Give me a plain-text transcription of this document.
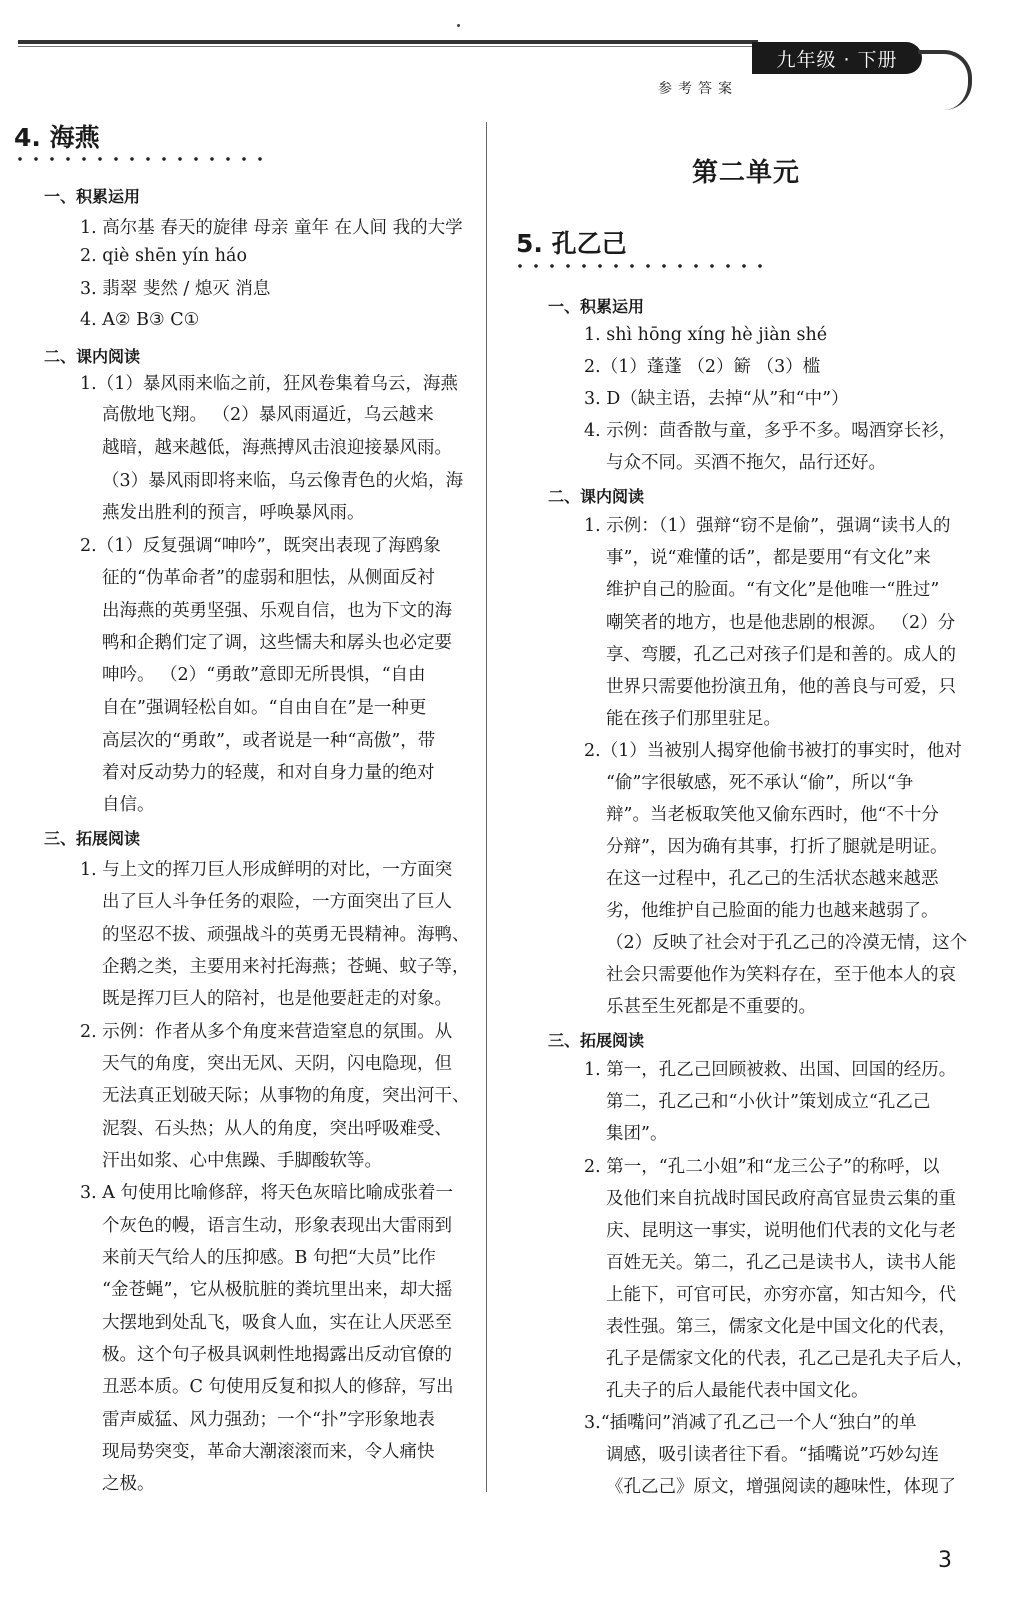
九年级 · 下册
参考答案
4. 海燕
一、积累运用
1. 高尔基 春天的旋律 母亲 童年 在人间 我的大学
2. qiè shēn yín háo
3. 翡翠 斐然 / 熄灭 消息
4. A② B③ C①
二、课内阅读
1.（1）暴风雨来临之前，狂风卷集着乌云，海燕
高傲地飞翔。 （2）暴风雨逼近，乌云越来
越暗，越来越低，海燕搏风击浪迎接暴风雨。
（3）暴风雨即将来临，乌云像青色的火焰，海
燕发出胜利的预言，呼唤暴风雨。
2.（1）反复强调“呻吟”，既突出表现了海鸥象
征的“伪革命者”的虚弱和胆怯，从侧面反衬
出海燕的英勇坚强、乐观自信，也为下文的海
鸭和企鹅们定了调，这些懦夫和孱头也必定要
呻吟。 （2）“勇敢”意即无所畏惧，“自由
自在”强调轻松自如。“自由自在”是一种更
高层次的“勇敢”，或者说是一种“高傲”，带
着对反动势力的轻蔑，和对自身力量的绝对
自信。
三、拓展阅读
1. 与上文的挥刀巨人形成鲜明的对比，一方面突
出了巨人斗争任务的艰险，一方面突出了巨人
的坚忍不拔、顽强战斗的英勇无畏精神。海鸭、
企鹅之类，主要用来衬托海燕；苍蝇、蚊子等，
既是挥刀巨人的陪衬，也是他要赶走的对象。
2. 示例：作者从多个角度来营造窒息的氛围。从
天气的角度，突出无风、天阴，闪电隐现，但
无法真正划破天际；从事物的角度，突出河干、
泥裂、石头热；从人的角度，突出呼吸难受、
汗出如浆、心中焦躁、手脚酸软等。
3. A 句使用比喻修辞，将天色灰暗比喻成张着一
个灰色的幔，语言生动，形象表现出大雷雨到
来前天气给人的压抑感。B 句把“大员”比作
“金苍蝇”，它从极肮脏的粪坑里出来，却大摇
大摆地到处乱飞，吸食人血，实在让人厌恶至
极。这个句子极具讽刺性地揭露出反动官僚的
丑恶本质。C 句使用反复和拟人的修辞，写出
雷声威猛、风力强劲；一个“扑”字形象地表
现局势突变，革命大潮滚滚而来，令人痛快
之极。
第二单元
5. 孔乙己
一、积累运用
1. shì hōng xíng hè jiàn shé
2.（1）蓬蓬 （2）簖 （3）槛
3. D（缺主语，去掉“从”和“中”）
4. 示例：茴香散与童，多乎不多。喝酒穿长衫，
与众不同。买酒不拖欠，品行还好。
二、课内阅读
1. 示例：（1）强辩“窃不是偷”，强调“读书人的
事”，说“难懂的话”，都是要用“有文化”来
维护自己的脸面。“有文化”是他唯一“胜过”
嘲笑者的地方，也是他悲剧的根源。 （2）分
享、弯腰，孔乙己对孩子们是和善的。成人的
世界只需要他扮演丑角，他的善良与可爱，只
能在孩子们那里驻足。
2.（1）当被别人揭穿他偷书被打的事实时，他对
“偷”字很敏感，死不承认“偷”，所以“争
辩”。当老板取笑他又偷东西时，他“不十分
分辩”，因为确有其事，打折了腿就是明证。
在这一过程中，孔乙己的生活状态越来越恶
劣，他维护自己脸面的能力也越来越弱了。
（2）反映了社会对于孔乙己的冷漠无情，这个
社会只需要他作为笑料存在，至于他本人的哀
乐甚至生死都是不重要的。
三、拓展阅读
1. 第一，孔乙己回顾被救、出国、回国的经历。
第二，孔乙己和“小伙计”策划成立“孔乙己
集团”。
2. 第一，“孔二小姐”和“龙三公子”的称呼，以
及他们来自抗战时国民政府高官显贵云集的重
庆、昆明这一事实，说明他们代表的文化与老
百姓无关。第二，孔乙己是读书人，读书人能
上能下，可官可民，亦穷亦富，知古知今，代
表性强。第三，儒家文化是中国文化的代表，
孔子是儒家文化的代表，孔乙己是孔夫子后人，
孔夫子的后人最能代表中国文化。
3.“插嘴问”消减了孔乙己一个人“独白”的单
调感，吸引读者往下看。“插嘴说”巧妙勾连
《孔乙己》原文，增强阅读的趣味性，体现了
3
